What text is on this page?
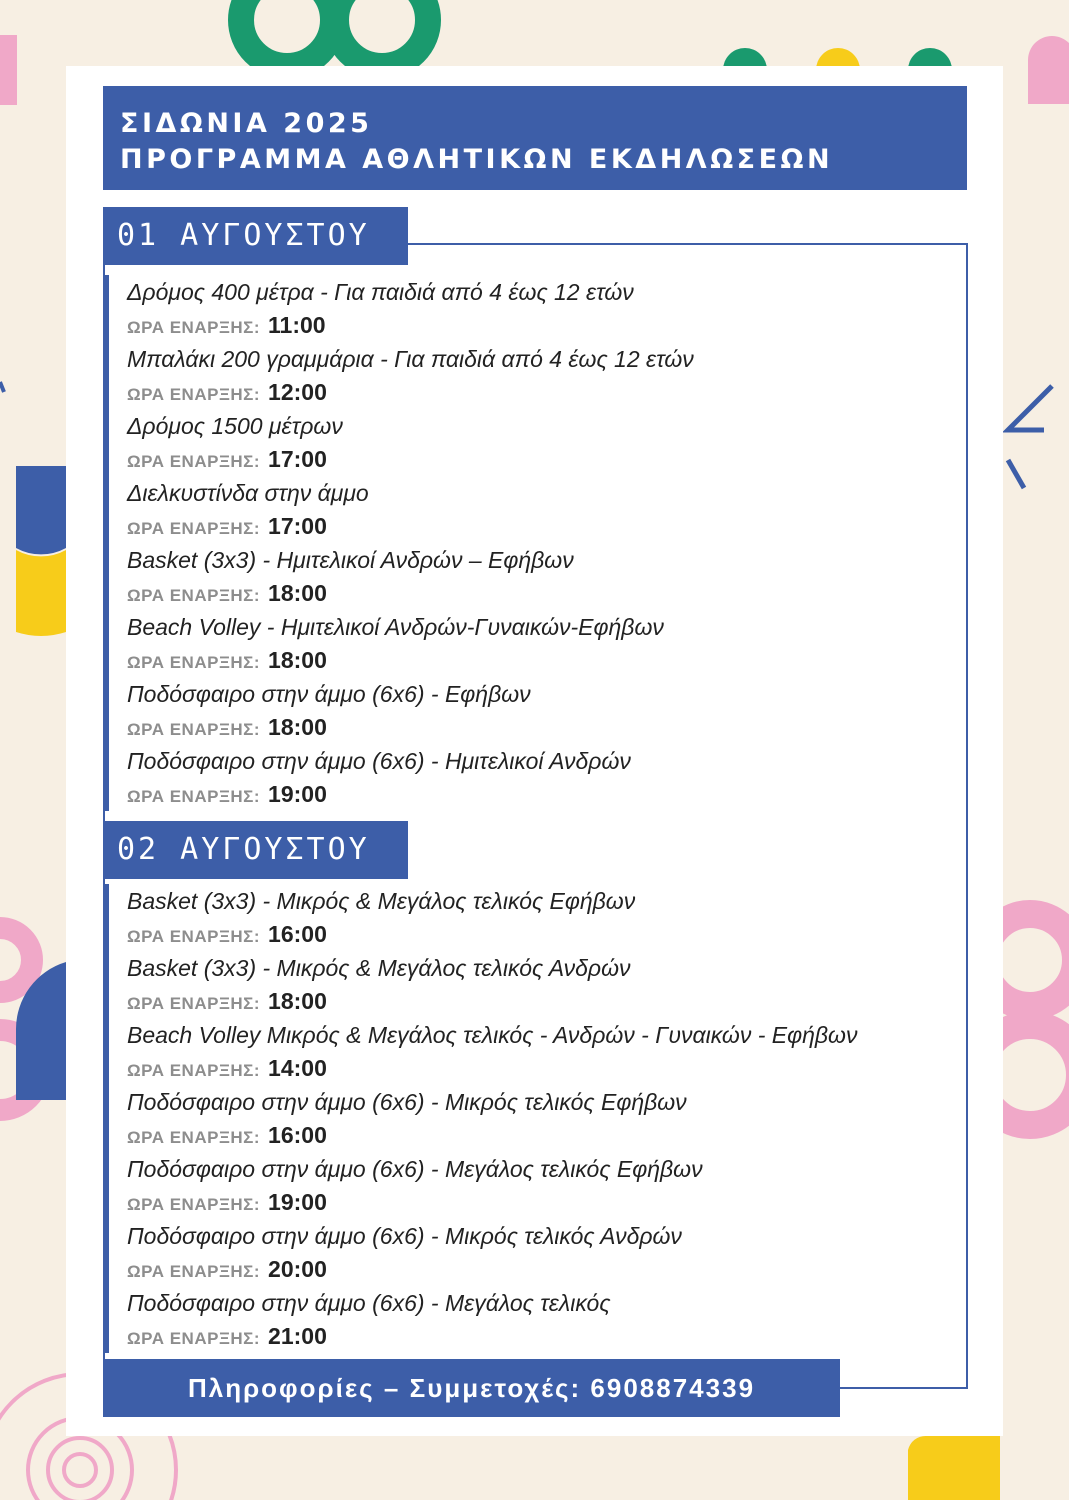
ΣΙΔΩΝΙΑ 2025
ΠΡΟΓΡΑΜΜΑ ΑΘΛΗΤΙΚΩΝ ΕΚΔΗΛΩΣΕΩΝ
01 ΑΥΓΟΥΣΤΟΥ
Δρόμος 400 μέτρα - Για παιδιά από 4 έως 12 ετών
ΩΡΑ ΕΝΑΡΞΗΣ: 11:00
Μπαλάκι 200 γραμμάρια - Για παιδιά από 4 έως 12 ετών
ΩΡΑ ΕΝΑΡΞΗΣ: 12:00
Δρόμος 1500 μέτρων
ΩΡΑ ΕΝΑΡΞΗΣ: 17:00
Διελκυστίνδα στην άμμο
ΩΡΑ ΕΝΑΡΞΗΣ: 17:00
Basket (3x3) - Ημιτελικοί Ανδρών – Εφήβων
ΩΡΑ ΕΝΑΡΞΗΣ: 18:00
Beach Volley - Ημιτελικοί Ανδρών-Γυναικών-Εφήβων
ΩΡΑ ΕΝΑΡΞΗΣ: 18:00
Ποδόσφαιρο στην άμμο (6x6) - Εφήβων
ΩΡΑ ΕΝΑΡΞΗΣ: 18:00
Ποδόσφαιρο στην άμμο (6x6) - Ημιτελικοί Ανδρών
ΩΡΑ ΕΝΑΡΞΗΣ: 19:00
02 ΑΥΓΟΥΣΤΟΥ
Basket (3x3) - Μικρός & Μεγάλος τελικός Εφήβων
ΩΡΑ ΕΝΑΡΞΗΣ: 16:00
Basket (3x3) - Μικρός & Μεγάλος τελικός Ανδρών
ΩΡΑ ΕΝΑΡΞΗΣ: 18:00
Beach Volley Μικρός & Μεγάλος τελικός - Ανδρών - Γυναικών - Εφήβων
ΩΡΑ ΕΝΑΡΞΗΣ: 14:00
Ποδόσφαιρο στην άμμο (6x6) - Μικρός τελικός Εφήβων
ΩΡΑ ΕΝΑΡΞΗΣ: 16:00
Ποδόσφαιρο στην άμμο (6x6) - Μεγάλος τελικός Εφήβων
ΩΡΑ ΕΝΑΡΞΗΣ: 19:00
Ποδόσφαιρο στην άμμο (6x6) - Μικρός τελικός Ανδρών
ΩΡΑ ΕΝΑΡΞΗΣ: 20:00
Ποδόσφαιρο στην άμμο (6x6) - Μεγάλος τελικός
ΩΡΑ ΕΝΑΡΞΗΣ: 21:00
Πληροφορίες – Συμμετοχές: 6908874339
